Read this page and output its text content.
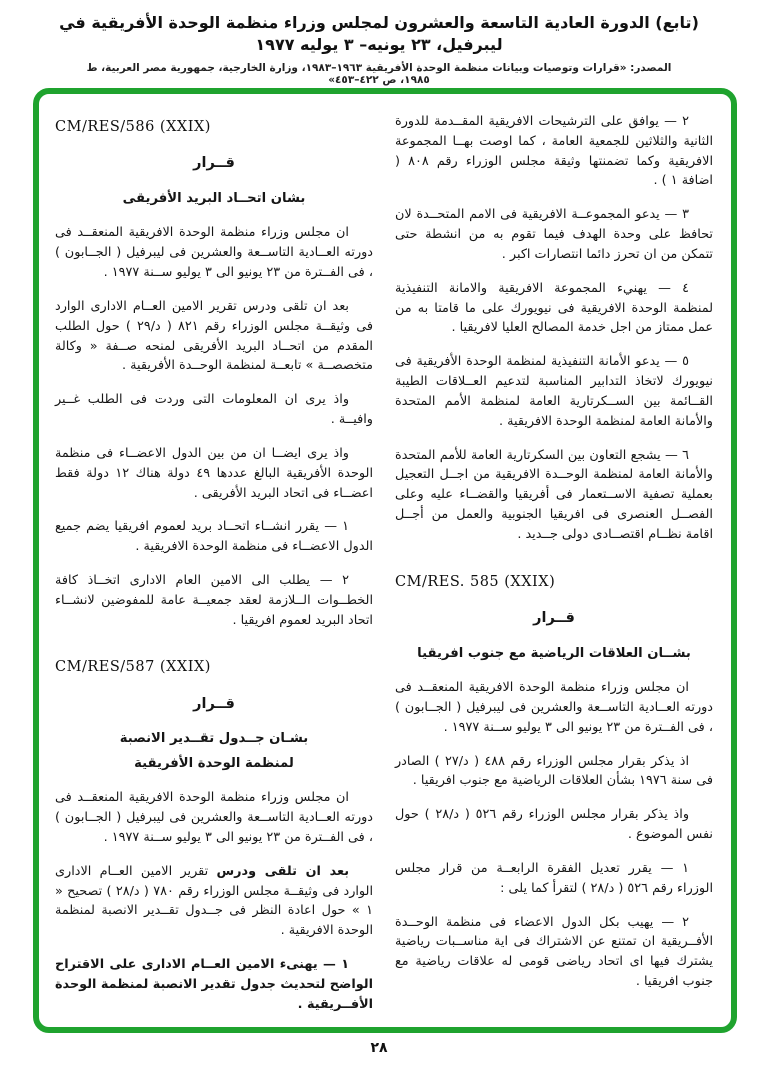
(تابع) الدورة العادية التاسعة والعشرون لمجلس وزراء منظمة الوحدة الأفريقية في ليبرفيل، ٢٣ يونيه– ٣ يوليه ١٩٧٧
المصدر: «قرارات وتوصيات وبيانات منظمة الوحدة الأفريقية ١٩٦٣–١٩٨٣، وزارة الخارجية، جمهورية مصر العربية، ط ١٩٨٥، ص ٤٢٢–٤٥٣»

٢ — يوافق على الترشيحات الافريقية المقــدمة للدورة الثانية والثلاثين للجمعية العامة ، كما اوصت بهــا المجموعة الافريقية وكما تضمنتها وثيقة مجلس الوزراء رقم ٨٠٨ ( اضافة ١ ) .

٣ — يدعو المجموعــة الافريقية فى الامم المتحــدة لان تحافظ على وحدة الهدف فيما تقوم به من انشطة حتى تتمكن من ان تحرز دائما انتصارات اكبر .

٤ — يهنيء المجموعة الافريقية والامانة التنفيذية لمنظمة الوحدة الافريقية فى نيويورك على ما قامتا به من عمل ممتاز من اجل خدمة المصالح العليا لافريقيا .

٥ — يدعو الأمانة التنفيذية لمنظمة الوحدة الأفريقية فى نيويورك لاتخاذ التدابير المناسبة لتدعيم العــلاقات الطيبة القــائمة بين الســكرتارية العامة لمنظمة الأمم المتحدة والأمانة العامة لمنظمة الوحدة الافريقية .

٦ — يشجع التعاون بين السكرتارية العامة للأمم المتحدة والأمانة العامة لمنظمة الوحــدة الافريقية من اجــل التعجيل بعملية تصفية الاســتعمار فى أفريقيا والقضــاء عليه وعلى الفصــل العنصرى فى افريقيا الجنوبية والعمل من أجــل اقامة نظــام اقتصــادى دولى جــديد .

CM/RES. 585 (XXIX)
قــرار
بشــان العلاقات الرياضية مع جنوب افريقيا

ان مجلس وزراء منظمة الوحدة الافريقية المنعقــد فى دورته العــادية التاســعة والعشرين فى ليبرفيل ( الجــابون ) ، فى الفــترة من ٢٣ يونيو الى ٣ يوليو ســنة ١٩٧٧ .

اذ يذكر بقرار مجلس الوزراء رقم ٤٨٨ ( د/٢٧ ) الصادر فى سنة ١٩٧٦ بشأن العلاقات الرياضية مع جنوب افريقيا .

واذ يذكر بقرار مجلس الوزراء رقم ٥٢٦ ( د/٢٨ ) حول نفس الموضوع .

١ — يقرر تعديل الفقرة الرابعــة من قرار مجلس الوزراء رقم ٥٢٦ ( د/٢٨ ) لتقرأ كما يلى :

٢ — يهيب بكل الدول الاعضاء فى منظمة الوحــدة الأفــريقية ان تمتنع عن الاشتراك فى اية مناســبات رياضية يشترك فيها اى اتحاد رياضى قومى له علاقات رياضية مع جنوب افريقيا .

CM/RES/586 (XXIX)
قــرار
بشان اتحــاد البريد الأفريقى

ان مجلس وزراء منظمة الوحدة الافريقية المنعقــد فى دورته العــادية التاســعة والعشرين فى ليبرفيل ( الجــابون ) ، فى الفــترة من ٢٣ يونيو الى ٣ يوليو ســنة ١٩٧٧ .

بعد ان تلقى ودرس تقرير الامين العــام الادارى الوارد فى وثيقــة مجلس الوزراء رقم ٨٢١ ( د/٢٩ ) حول الطلب المقدم من اتحــاد البريد الأفريقى لمنحه صــفة « وكالة متخصصــة » تابعــة لمنظمة الوحــدة الأفريقية .

واذ يرى ان المعلومات التى وردت فى الطلب غــير وافيــة .

واذ يرى ايضــا ان من بين الدول الاعضــاء فى منظمة الوحدة الأفريقية البالغ عددها ٤٩ دولة هناك ١٢ دولة فقط اعضــاء فى اتحاد البريد الأفريقى .

١ — يقرر انشــاء اتحــاد بريد لعموم افريقيا يضم جميع الدول الاعضــاء فى منظمة الوحدة الافريقية .

٢ — يطلب الى الامين العام الادارى اتخــاذ كافة الخطــوات الــلازمة لعقد جمعيــة عامة للمفوضين لانشــاء اتحاد البريد لعموم افريقيا .

CM/RES/587 (XXIX)
قــرار
بشـان جــدول تقــدير الانصبة
لمنظمة الوحدة الأفريقية

ان مجلس وزراء منظمة الوحدة الافريقية المنعقــد فى دورته العــادية التاســعة والعشرين فى ليبرفيل ( الجــابون ) ، فى الفــترة من ٢٣ يونيو الى ٣ يوليو ســنة ١٩٧٧ .

بعد ان تلقى ودرس تقرير الامين العــام الادارى الوارد فى وثيقــة مجلس الوزراء رقم ٧٨٠ ( د/٢٨ ) تصحيح « ١ » حول اعادة النظر فى جــدول تقــدير الانصبة لمنظمة الوحدة الافريقية .

١ — يهنىء الامين العــام الادارى على الاقتراح الواضح لتحديث جدول تقدير الانصبة لمنظمة الوحدة الأفــريقية .

٢٨
